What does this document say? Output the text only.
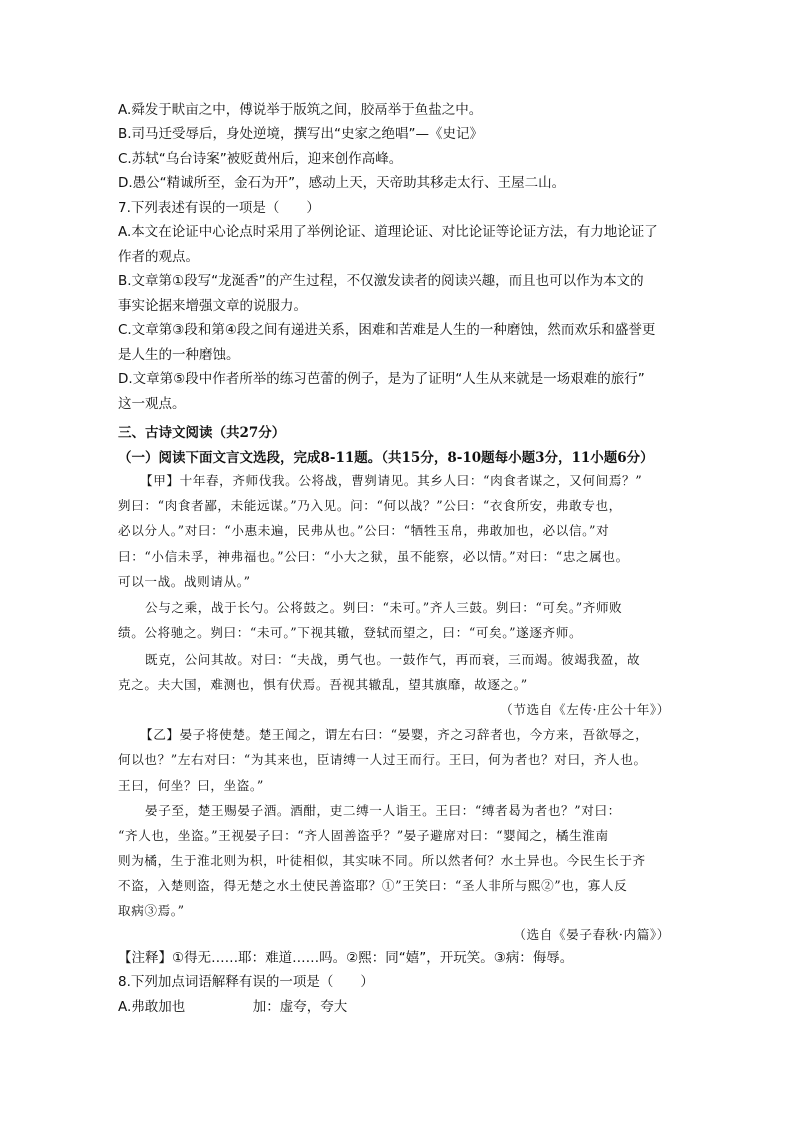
A.舜发于畎亩之中，傅说举于版筑之间，胶鬲举于鱼盐之中。
B.司马迁受辱后，身处逆境，撰写出“史家之绝唱”—《史记》
C.苏轼“乌台诗案”被贬黄州后，迎来创作高峰。
D.愚公“精诚所至，金石为开”，感动上天，天帝助其移走太行、王屋二山。
7.下列表述有误的一项是（　　）
A.本文在论证中心论点时采用了举例论证、道理论证、对比论证等论证方法，有力地论证了
作者的观点。
B.文章第①段写“龙涎香”的产生过程，不仅激发读者的阅读兴趣，而且也可以作为本文的
事实论据来增强文章的说服力。
C.文章第③段和第④段之间有递进关系，困难和苦难是人生的一种磨蚀，然而欢乐和盛誉更
是人生的一种磨蚀。
D.文章第⑤段中作者所举的练习芭蕾的例子，是为了证明“人生从来就是一场艰难的旅行”
这一观点。
三、古诗文阅读（共27分）
（一）阅读下面文言文选段，完成8-11题。（共15分，8-10题每小题3分，11小题6分）
【甲】十年春，齐师伐我。公将战，曹刿请见。其乡人曰：“肉食者谋之，又何间焉？”
刿曰：“肉食者鄙，未能远谋。”乃入见。问：“何以战？”公曰：“衣食所安，弗敢专也，
必以分人。”对曰：“小惠未遍，民弗从也。”公曰：“牺牲玉帛，弗敢加也，必以信。”对
曰：“小信未孚，神弗福也。”公曰：“小大之狱，虽不能察，必以情。”对曰：“忠之属也。
可以一战。战则请从。”
公与之乘，战于长勺。公将鼓之。刿曰：“未可。”齐人三鼓。刿曰：“可矣。”齐师败
绩。公将驰之。刿曰：“未可。”下视其辙，登轼而望之，曰：“可矣。”遂逐齐师。
既克，公问其故。对曰：“夫战，勇气也。一鼓作气，再而衰，三而竭。彼竭我盈，故
克之。夫大国，难测也，惧有伏焉。吾视其辙乱，望其旗靡，故逐之。”
（节选自《左传·庄公十年》）
【乙】晏子将使楚。楚王闻之，谓左右曰：“晏婴，齐之习辞者也，今方来，吾欲辱之，
何以也？”左右对曰：“为其来也，臣请缚一人过王而行。王曰，何为者也？对曰，齐人也。
王曰，何坐？曰，坐盗。”
晏子至，楚王赐晏子酒。酒酣，吏二缚一人诣王。王曰：“缚者曷为者也？”对曰：
“齐人也，坐盗。”王视晏子曰：“齐人固善盗乎？”晏子避席对曰：“婴闻之，橘生淮南
则为橘，生于淮北则为枳，叶徒相似，其实味不同。所以然者何？水土异也。今民生长于齐
不盗，入楚则盗，得无楚之水土使民善盗耶？①”王笑曰：“圣人非所与熙②”也，寡人反
取病③焉。”
（选自《晏子春秋·内篇》）
【注释】①得无……耶：难道……吗。②熙：同“嬉”，开玩笑。③病：侮辱。
8.下列加点词语解释有误的一项是（　　）
A.弗敢加也　　　　　加：虚夸，夸大
